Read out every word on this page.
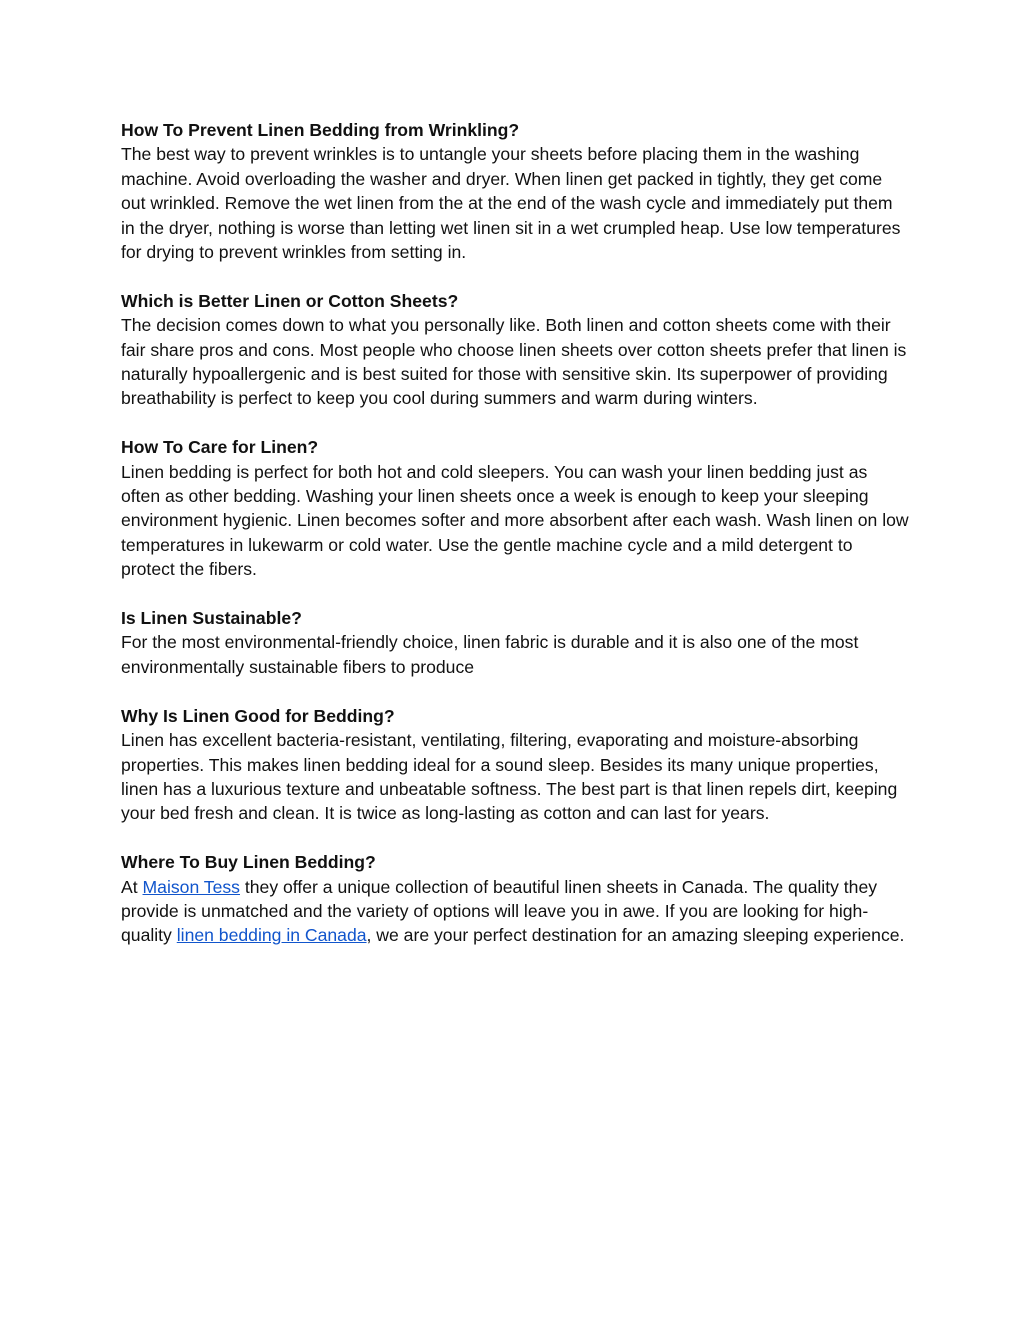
How To Prevent Linen Bedding from Wrinkling?
The best way to prevent wrinkles is to untangle your sheets before placing them in the washing machine. Avoid overloading the washer and dryer. When linen get packed in tightly, they get come out wrinkled. Remove the wet linen from the at the end of the wash cycle and immediately put them in the dryer, nothing is worse than letting wet linen sit in a wet crumpled heap. Use low temperatures for drying to prevent wrinkles from setting in.
Which is Better Linen or Cotton Sheets?
The decision comes down to what you personally like. Both linen and cotton sheets come with their fair share pros and cons. Most people who choose linen sheets over cotton sheets prefer that linen is naturally hypoallergenic and is best suited for those with sensitive skin. Its superpower of providing breathability is perfect to keep you cool during summers and warm during winters.
How To Care for Linen?
Linen bedding is perfect for both hot and cold sleepers. You can wash your linen bedding just as often as other bedding. Washing your linen sheets once a week is enough to keep your sleeping environment hygienic. Linen becomes softer and more absorbent after each wash. Wash linen on low temperatures in lukewarm or cold water. Use the gentle machine cycle and a mild detergent to protect the fibers.
Is Linen Sustainable?
For the most environmental-friendly choice, linen fabric is durable and it is also one of the most environmentally sustainable fibers to produce
Why Is Linen Good for Bedding?
Linen has excellent bacteria-resistant, ventilating, filtering, evaporating and moisture-absorbing properties. This makes linen bedding ideal for a sound sleep. Besides its many unique properties, linen has a luxurious texture and unbeatable softness. The best part is that linen repels dirt, keeping your bed fresh and clean. It is twice as long-lasting as cotton and can last for years.
Where To Buy Linen Bedding?
At Maison Tess they offer a unique collection of beautiful linen sheets in Canada. The quality they provide is unmatched and the variety of options will leave you in awe. If you are looking for high-quality linen bedding in Canada, we are your perfect destination for an amazing sleeping experience.
